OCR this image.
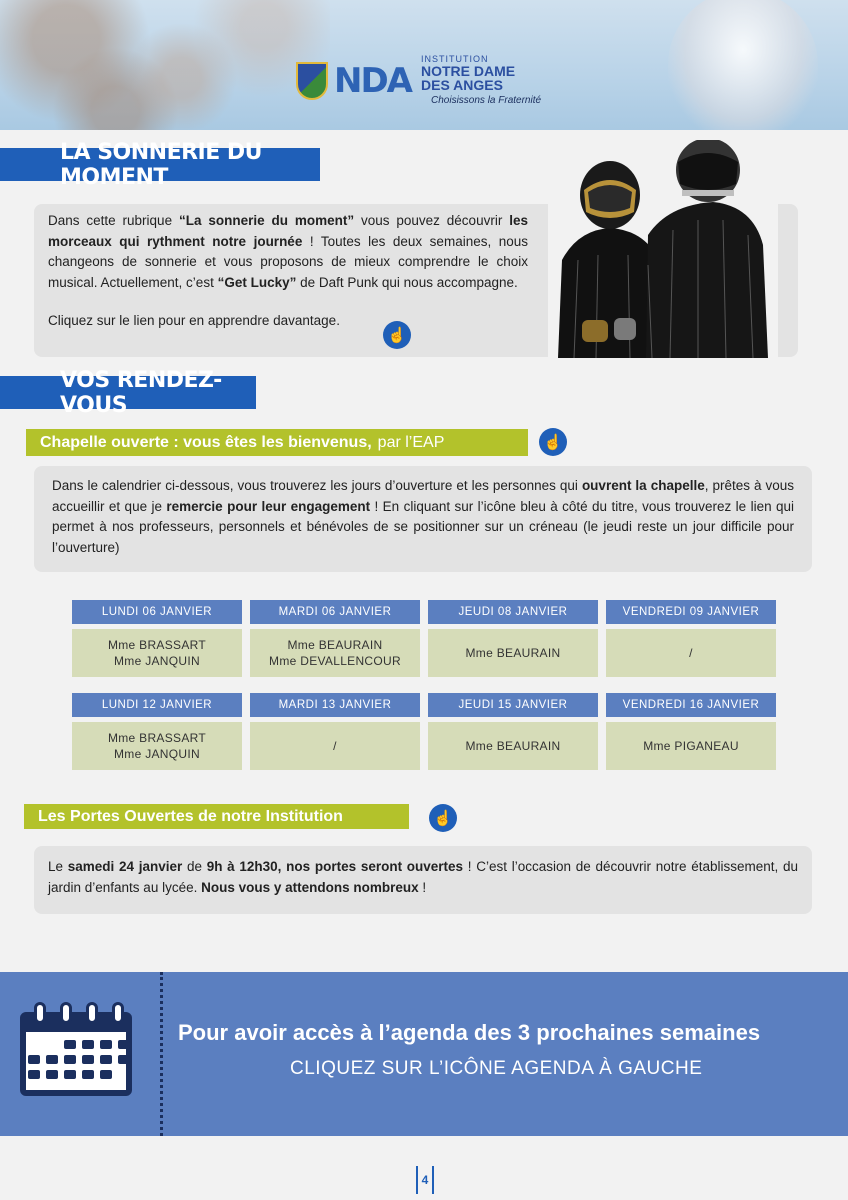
NDA
INSTITUTION
NOTRE DAME
DES ANGES
Choisissons la Fraternité
LA SONNERIE DU MOMENT

Dans cette rubrique “La sonnerie du moment” vous pouvez découvrir les morceaux qui rythment notre journée ! Toutes les deux semaines, nous changeons de sonnerie et vous proposons de mieux comprendre le choix musical. Actuellement, c’est “Get Lucky” de Daft Punk qui nous accompagne.

Cliquez sur le lien pour en apprendre davantage.

☝
VOS RENDEZ-VOUS
Chapelle ouverte : vous êtes les bienvenus, par l’EAP	☝

Dans le calendrier ci-dessous, vous trouverez les jours d’ouverture et les personnes qui ouvrent la chapelle, prêtes à vous accueillir et que je remercie pour leur engagement ! En cliquant sur l’icône bleu à côté du titre, vous trouverez le lien qui permet à nos professeurs, personnels et bénévoles de se positionner sur un créneau (le jeudi reste un jour difficile pour l’ouverture)

LUNDI 06 JANVIER
Mme BRASSART
Mme JANQUIN
MARDI 06 JANVIER
Mme BEAURAIN
Mme DEVALLENCOUR
JEUDI 08 JANVIER
Mme BEAURAIN
VENDREDI 09 JANVIER
/
LUNDI 12 JANVIER
Mme BRASSART
Mme JANQUIN
MARDI 13 JANVIER
/
JEUDI 15 JANVIER
Mme BEAURAIN
VENDREDI 16 JANVIER
Mme PIGANEAU
Les Portes Ouvertes de notre Institution	☝

Le samedi 24 janvier de 9h à 12h30, nos portes seront ouvertes ! C’est l’occasion de découvrir notre établissement, du jardin d’enfants au lycée. Nous vous y attendons nombreux !

Pour avoir accès à l’agenda des 3 prochaines semaines
CLIQUEZ SUR L’ICÔNE AGENDA À GAUCHE
4
